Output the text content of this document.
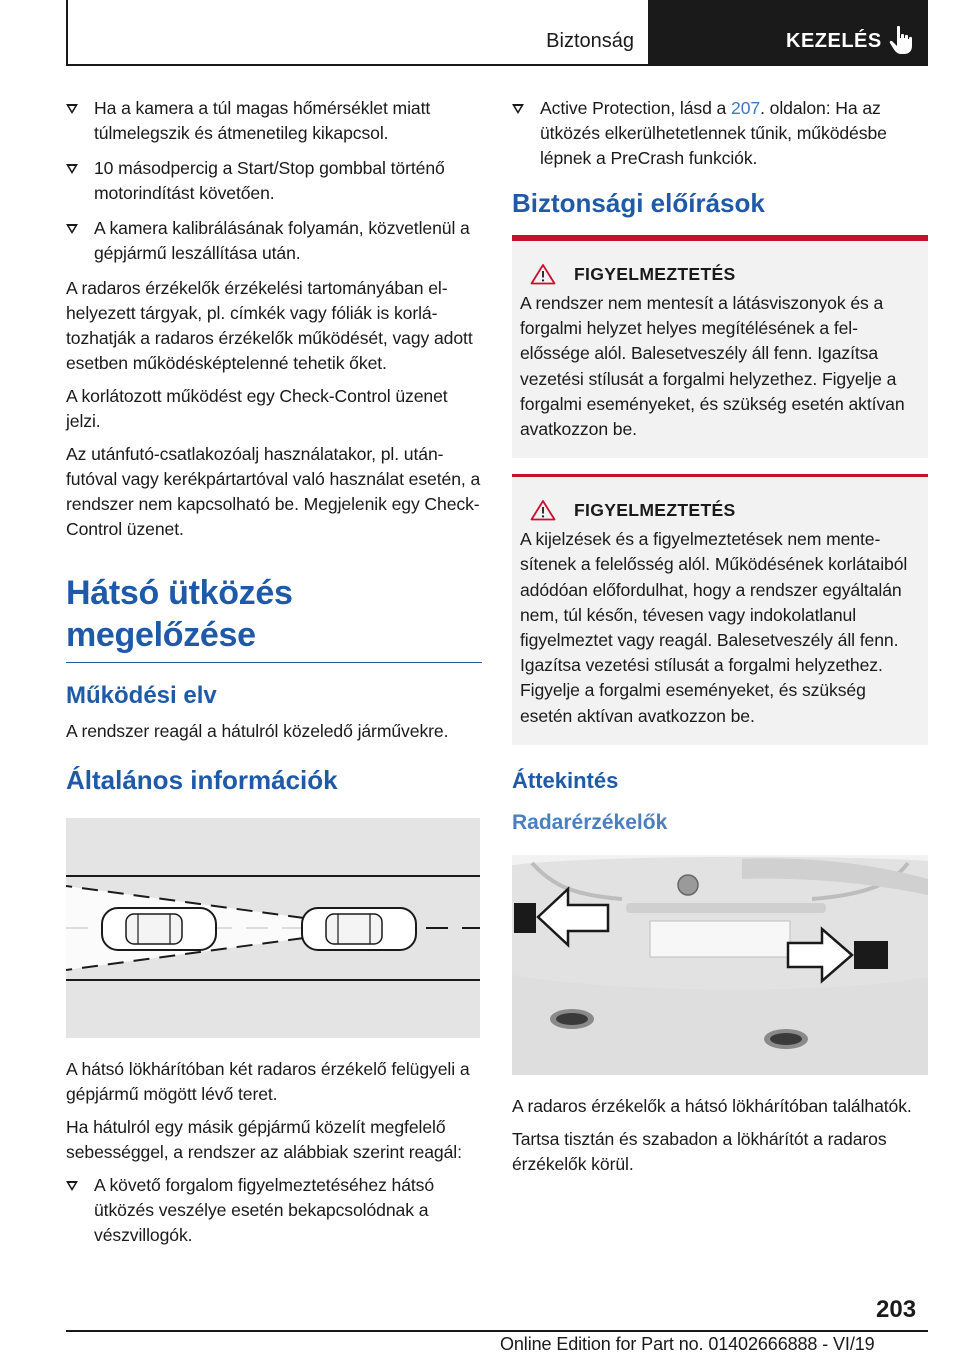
Biztonság	KEZELÉS
Ha a kamera a túl magas hőmérséklet miatt túlmelegszik és átmenetileg kikapcsol.
10 másodpercig a Start/Stop gombbal történő motorindítást követően.
A kamera kalibrálásának folyamán, közvetlenül a gépjármű leszállítása után.

A radaros érzékelők érzékelési tartományában elhelyezett tárgyak, pl. címkék vagy fóliák is korlátozhatják a radaros érzékelők működését, vagy adott esetben működésképtelenné tehetik őket.

A korlátozott működést egy Check-Control üzenet jelzi.

Az utánfutó-csatlakozóalj használatakor, pl. utánfutóval vagy kerékpártartóval való használat esetén, a rendszer nem kapcsolható be. Megjelenik egy Check-Control üzenet.

Hátsó ütközés megelőzése
Működési elv

A rendszer reagál a hátulról közeledő járművekre.

Általános információk

A hátsó lökhárítóban két radaros érzékelő felügyeli a gépjármű mögött lévő teret.

Ha hátulról egy másik gépjármű közelít megfelelő sebességgel, a rendszer az alábbiak szerint reagál:

A követő forgalom figyelmeztetéséhez hátsó ütközés veszélye esetén bekapcsolódnak a vészvillogók.
Active Protection, lásd a 207. oldalon: Ha az ütközés elkerülhetetlennek tűnik, működésbe lépnek a PreCrash funkciók.
Biztonsági előírások
FIGYELMEZTETÉS

A rendszer nem mentesít a látásviszonyok és a forgalmi helyzet helyes megítélésének a felelőssége alól. Balesetveszély áll fenn. Igazítsa vezetési stílusát a forgalmi helyzethez. Figyelje a forgalmi eseményeket, és szükség esetén aktívan avatkozzon be.

FIGYELMEZTETÉS

A kijelzések és a figyelmeztetések nem mentesítenek a felelősség alól. Működésének korlátaiból adódóan előfordulhat, hogy a rendszer egyáltalán nem, túl későn, tévesen vagy indokolatlanul figyelmeztet vagy reagál. Balesetveszély áll fenn. Igazítsa vezetési stílusát a forgalmi helyzethez. Figyelje a forgalmi eseményeket, és szükség esetén aktívan avatkozzon be.

Áttekintés
Radarérzékelők

A radaros érzékelők a hátsó lökhárítóban találhatók.

Tartsa tisztán és szabadon a lökhárítót a radaros érzékelők körül.

203
Online Edition for Part no. 01402666888 - VI/19
